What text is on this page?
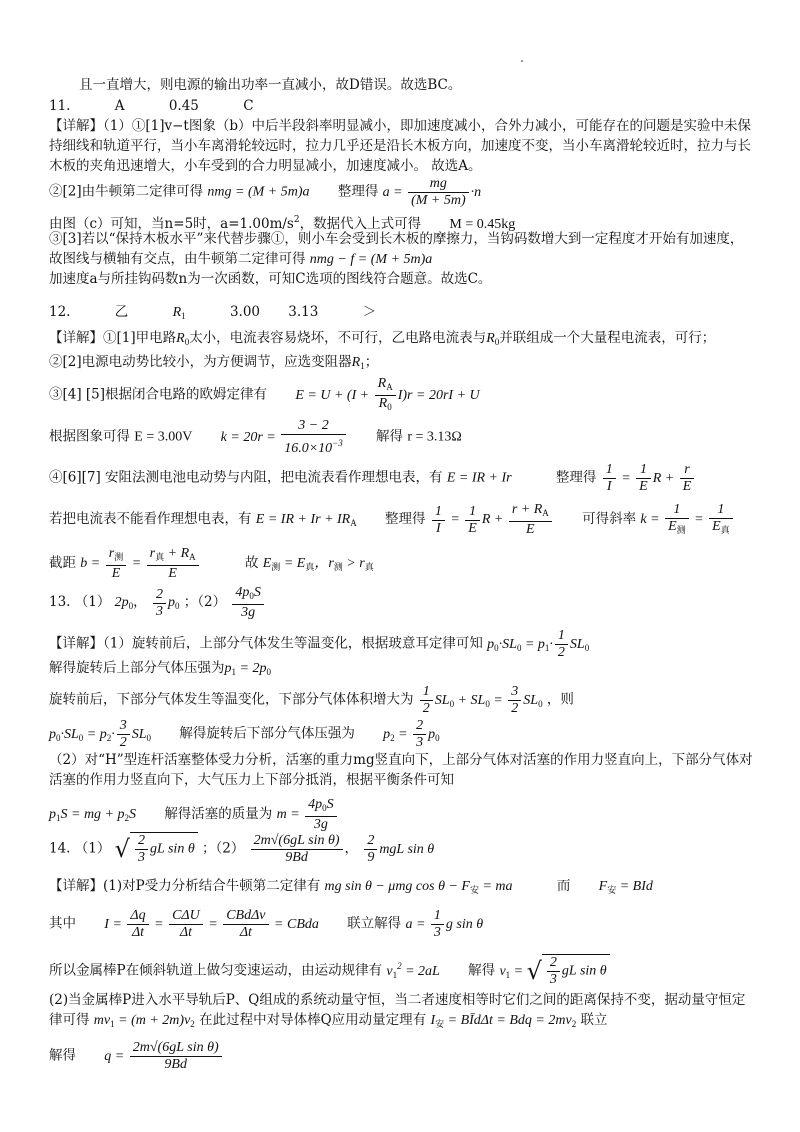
且一直增大，则电源的输出功率一直减小，故D错误。故选BC。
11.	A	0.45	C
【详解】（1）①[1]v−t图象（b）中后半段斜率明显减小，即加速度减小，合外力减小，可能存在的问题是实验中未保持细线和轨道平行，当小车离滑轮较远时，拉力几乎还是沿长木板方向，加速度不变，当小车离滑轮较近时，拉力与长木板的夹角迅速增大，小车受到的合力明显减小，加速度减小。 故选A。
②[2]由牛顿第二定律可得 nmg = (M + 5m)a 整理得 $a = \frac{mg}{(M + 5m)} \cdot n$
由图（c）可知，当n=5时，$a=1.00m/s^2$，数据代入上式可得 M = 0.45kg
③[3]若以“保持木板水平”来代替步骤①，则小车会受到长木板的摩擦力，当钩码数增大到一定程度才开始有加速度，故图线与横轴有交点，由牛顿第二定律可得 nmg − f = (M + 5m)a
加速度a与所挂钩码数n为一次函数，可知C选项的图线符合题意。故选C。
12.	乙	$R_1$	3.00 3.13	＞
【详解】①[1]甲电路$R_0$太小，电流表容易烧坏，不可行，乙电路电流表与$R_0$并联组成一个大量程电流表，可行；
②[2]电源电动势比较小，为方便调节，应选变阻器$R_1$；
③[4] [5]根据闭合电路的欧姆定律有 $E = U + (I + \frac{R_A}{R_0} I)r = 20rI + U$
根据图象可得 E = 3.00V $k = 20r = \frac{3 - 2}{16.0\times 10^{-3}}$ 解得 r = 3.13Ω
④[6][7] 安阻法测电池电动势与内阻，把电流表看作理想电表，有 E = IR + Ir	整理得 $\frac{1}{I} = \frac{1}{E}$ $R + \frac{r}{E}$
若把电流表不能看作理想电表，有 E = IR + $Ir + IR_A$ 整理得 $\frac{1}{I} = \frac{1}{E}$ $R + \frac{r + R_A}{E}$ 可得斜率 $k = \frac{1}{E_测} = \frac{1}{E_真}$
截距 $b = \frac{r_测}{E} = \frac{r_真 + R_A}{E}$	故 $E_测 = E_真$，$r_测 > r_真$
13. （1） $2p_0$， $\frac{2}{3} p_0$ ；$(2) \frac{4p_0S}{3g}$
【详解】（1）旋转前后，上部分气体发生等温变化，根据玻意耳定律可知 $p_0\cdot SL_0 = p_1\cdot \frac{1}{2} SL_0$
解得旋转后上部分气体压强为$p_1 = 2p_0$
旋转前后，下部分气体发生等温变化，下部分气体体积增大为 $\frac{1}{2} SL_0 + SL_0 = \frac{3}{2} SL_0$ ，则
$p_0\cdot SL_0 = p_2\cdot \frac{3}{2} SL_0$ 解得旋转后下部分气体压强为 $p_2 = \frac{2}{3} p_0$
（2）对“H”型连杆活塞整体受力分析，活塞的重力mg竖直向下，上部分气体对活塞的作用力竖直向上，下部分气体对活塞的作用力竖直向下，大气压力上下部分抵消，根据平衡条件可知
$p_1S$ = mg + $p_2S$ 解得活塞的质量为 $m = \frac{4p_0S}{3g}$
14. （1） √ $\frac{2}{3}$ gL sin θ ；$(2) \frac{\text{2m√(6gL sin θ)}}{9Bd}$ ， $\frac{2}{9}$ mgL sin θ
【详解】(1)对P受力分析结合牛顿第二定律有 mg sin θ − μmg $\cos \theta - F_安$ = ma	而 $F_安$ = BId
其中 $I = \frac{\Delta q}{\Delta t} = \frac{\text{CΔU}}{\Delta t} = \frac{\text{CBdΔv}}{\Delta t}$ = CBda 联立解得 $a = \frac{1}{3}$ g sin θ
所以金属棒P在倾斜轨道上做匀变速运动，由运动规律有 $v_1^2 = 2aL$ 解得 $v_1$ = √ $\frac{2}{3}$ gL sin θ
(2)当金属棒P进入水平导轨后P、Q组成的系统动量守恒，当二者速度相等时它们之间的距离保持不变，据动量守恒定律可得 $mv_1 = (m + 2m)v_2$ 在此过程中对导体棒Q应用动量定理有 $I_安$ = BĪdΔt = Bdq = $2mv_2$ 联立
解得 $q = \frac{\text{2m√(6gL sin θ)}}{9Bd}$
